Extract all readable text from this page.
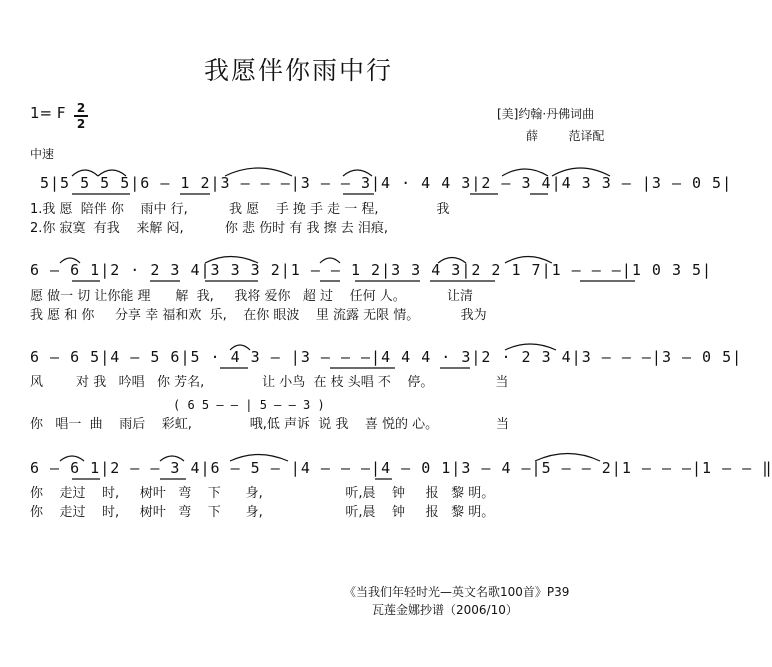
我愿伴你雨中行
1= F 2
2
[美]约翰·丹佛词曲
薛        范译配
中速
5|5 5 5 5|6 – 1 2|3 – – –|3 – – 3|4 · 4 4 3|2 – 3 4|4 3 3 – |3 – 0 5|
1.我 愿  陪伴 你    雨中 行,          我 愿    手 挽 手 走 一 程,              我
2.你 寂寞  有我    来解 闷,          你 悲 伤时 有 我 擦 去 泪痕,
6 – 6 1|2 · 2 3 4|3 3 3 2|1 – – 1 2|3 3 4 3|2 2 1 7|1 – – –|1 0 3 5|
愿 做一 切 让你能 理      解  我,     我将 爱你   超 过    任何 人。          让清
我 愿 和 你     分享 幸 福和欢  乐,    在你 眼波    里 流露 无限 情。          我为
6 – 6 5|4 – 5 6|5 · 4 3 – |3 – – –|4 4 4 · 3|2 · 2 3 4|3 – – –|3 – 0 5|
风        对 我   吟唱   你 芳名,              让 小鸟  在 枝 头唱 不    停。               当
( 6 5 – – | 5 – – 3 )
你   唱一  曲    雨后    彩虹,              哦,低 声诉  说 我    喜 悦的 心。              当
6 – 6 1|2 – – 3 4|6 – 5 – |4 – – –|4 – 0 1|3 – 4 –|5 – – 2|1 – – –|1 – – ‖
你    走过    时,     树叶   弯    下      身,                    听,晨    钟     报   黎 明。
你    走过    时,     树叶   弯    下      身,                    听,晨    钟     报   黎 明。
《当我们年轻时光—英文名歌100首》P39
瓦莲金娜抄谱（2006/10）
